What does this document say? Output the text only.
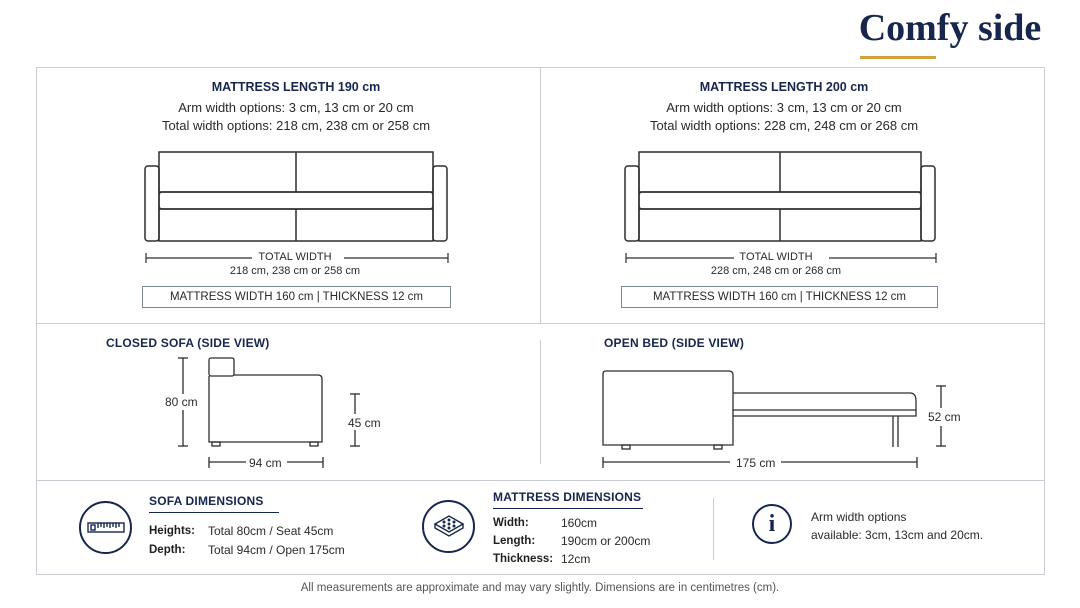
Comfy side
MATTRESS LENGTH 190 cm
Arm width options: 3 cm, 13 cm or 20 cm
Total width options: 218 cm, 238 cm or 258 cm
TOTAL WIDTH
218 cm, 238 cm or 258 cm
MATTRESS WIDTH 160 cm | THICKNESS 12 cm
MATTRESS LENGTH 200 cm
Arm width options: 3 cm, 13 cm or 20 cm
Total width options: 228 cm, 248 cm or 268 cm
TOTAL WIDTH
228 cm, 248 cm or 268 cm
MATTRESS WIDTH 160 cm | THICKNESS 12 cm
CLOSED SOFA (SIDE VIEW)
80 cm
45 cm
94 cm
OPEN BED (SIDE VIEW)
52 cm
175 cm
SOFA DIMENSIONS
Heights: Total 80cm / Seat 45cm
Depth: Total 94cm / Open 175cm
MATTRESS DIMENSIONS
Width:	160cm
Length: 190cm or 200cm
Thickness: 12cm
i	Arm width options
available: 3cm, 13cm and 20cm.
All measurements are approximate and may vary slightly. Dimensions are in centimetres (cm).
